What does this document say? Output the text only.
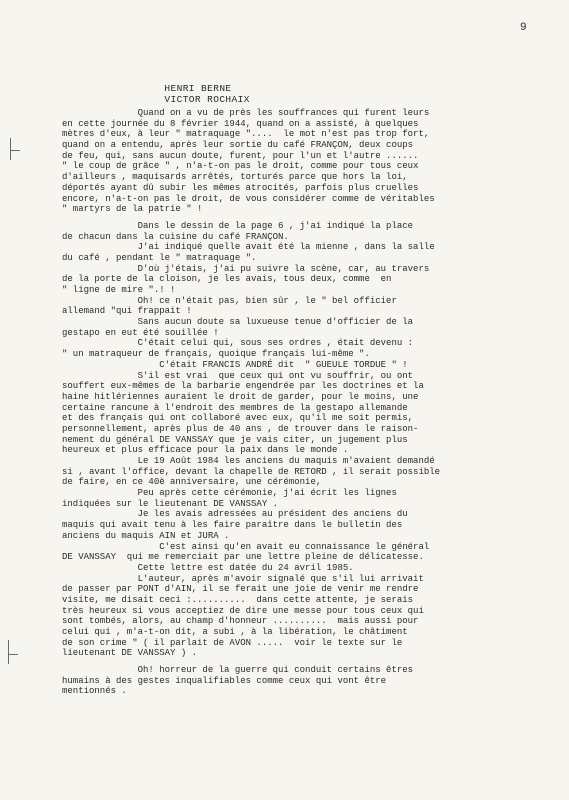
9

HENRI BERNE
VICTOR ROCHAIX

Quand on a vu de près les souffrances qui furent leurs
en cette journée du 8 février 1944, quand on a assisté, à quelques
mètres d'eux, à leur " matraquage "....  le mot n'est pas trop fort,
quand on a entendu, après leur sortie du café FRANÇON, deux coups
de feu, qui, sans aucun doute, furent, pour l'un et l'autre ......
" le coup de grâce " , n'a-t-on pas le droit, comme pour tous ceux
d'ailleurs , maquisards arrêtés, torturés parce que hors la loi,
déportés ayant dû subir les mêmes atrocités, parfois plus cruelles
encore, n'a-t-on pas le droit, de vous considérer comme de véritables
" martyrs de la patrie " !
Dans le dessin de la page 6 , j'ai indiqué la place
de chacun dans la cuisine du café FRANÇON.
J'ai indiqué quelle avait été la mienne , dans la salle
du café , pendant le " matraquage ".
D'où j'étais, j'ai pu suivre la scène, car, au travers
de la porte de la cloison, je les avais, tous deux, comme  en
" ligne de mire ".! !
Oh! ce n'était pas, bien sûr , le " bel officier
allemand "qui frappait !
Sans aucun doute sa luxueuse tenue d'officier de la
gestapo en eut été souillée !
C'était celui qui, sous ses ordres , était devenu :
" un matraqueur de français, quoique français lui-même ".
C'était FRANCIS ANDRÉ dit  " GUEULE TORDUE " !
S'il est vrai  que ceux qui ont vu souffrir, ou ont
souffert eux-mêmes de la barbarie engendrée par les doctrines et la
haine hitlériennes auraient le droit de garder, pour le moins, une
certaine rancune à l'endroit des membres de la gestapo allemande
et des français qui ont collaboré avec eux, qu'il me soit permis,
personnellement, après plus de 40 ans , de trouver dans le raison-
nement du général DE VANSSAY que je vais citer, un jugement plus
heureux et plus efficace pour la paix dans le monde .
Le 19 Août 1984 les anciens du maquis m'avaient demandé
si , avant l'office, devant la chapelle de RETORD , il serait possible
de faire, en ce 40è anniversaire, une cérémonie,
Peu après cette cérémonie, j'ai écrit les lignes
indiquées sur le lieutenant DE VANSSAY .
Je les avais adressées au président des anciens du
maquis qui avait tenu à les faire paraître dans le bulletin des
anciens du maquis AIN et JURA .
C'est ainsi qu'en avait eu connaissance le général
DE VANSSAY  qui me remerciait par une lettre pleine de délicatesse.
Cette lettre est datée du 24 avril 1985.
L'auteur, après m'avoir signalé que s'il lui arrivait
de passer par PONT d'AIN, il se ferait une joie de venir me rendre
visite, me disait ceci :..........  dans cette attente, je serais
très heureux si vous acceptiez de dire une messe pour tous ceux qui
sont tombés, alors, au champ d'honneur ..........  mais aussi pour
celui qui , m'a-t-on dit, a subi , à la libération, le châtiment
de son crime " ( il parlait de AVON .....  voir le texte sur le
lieutenant DE VANSSAY ) .
Oh! horreur de la guerre qui conduit certains êtres
humains à des gestes inqualifiables comme ceux qui vont être
mentionnés .
